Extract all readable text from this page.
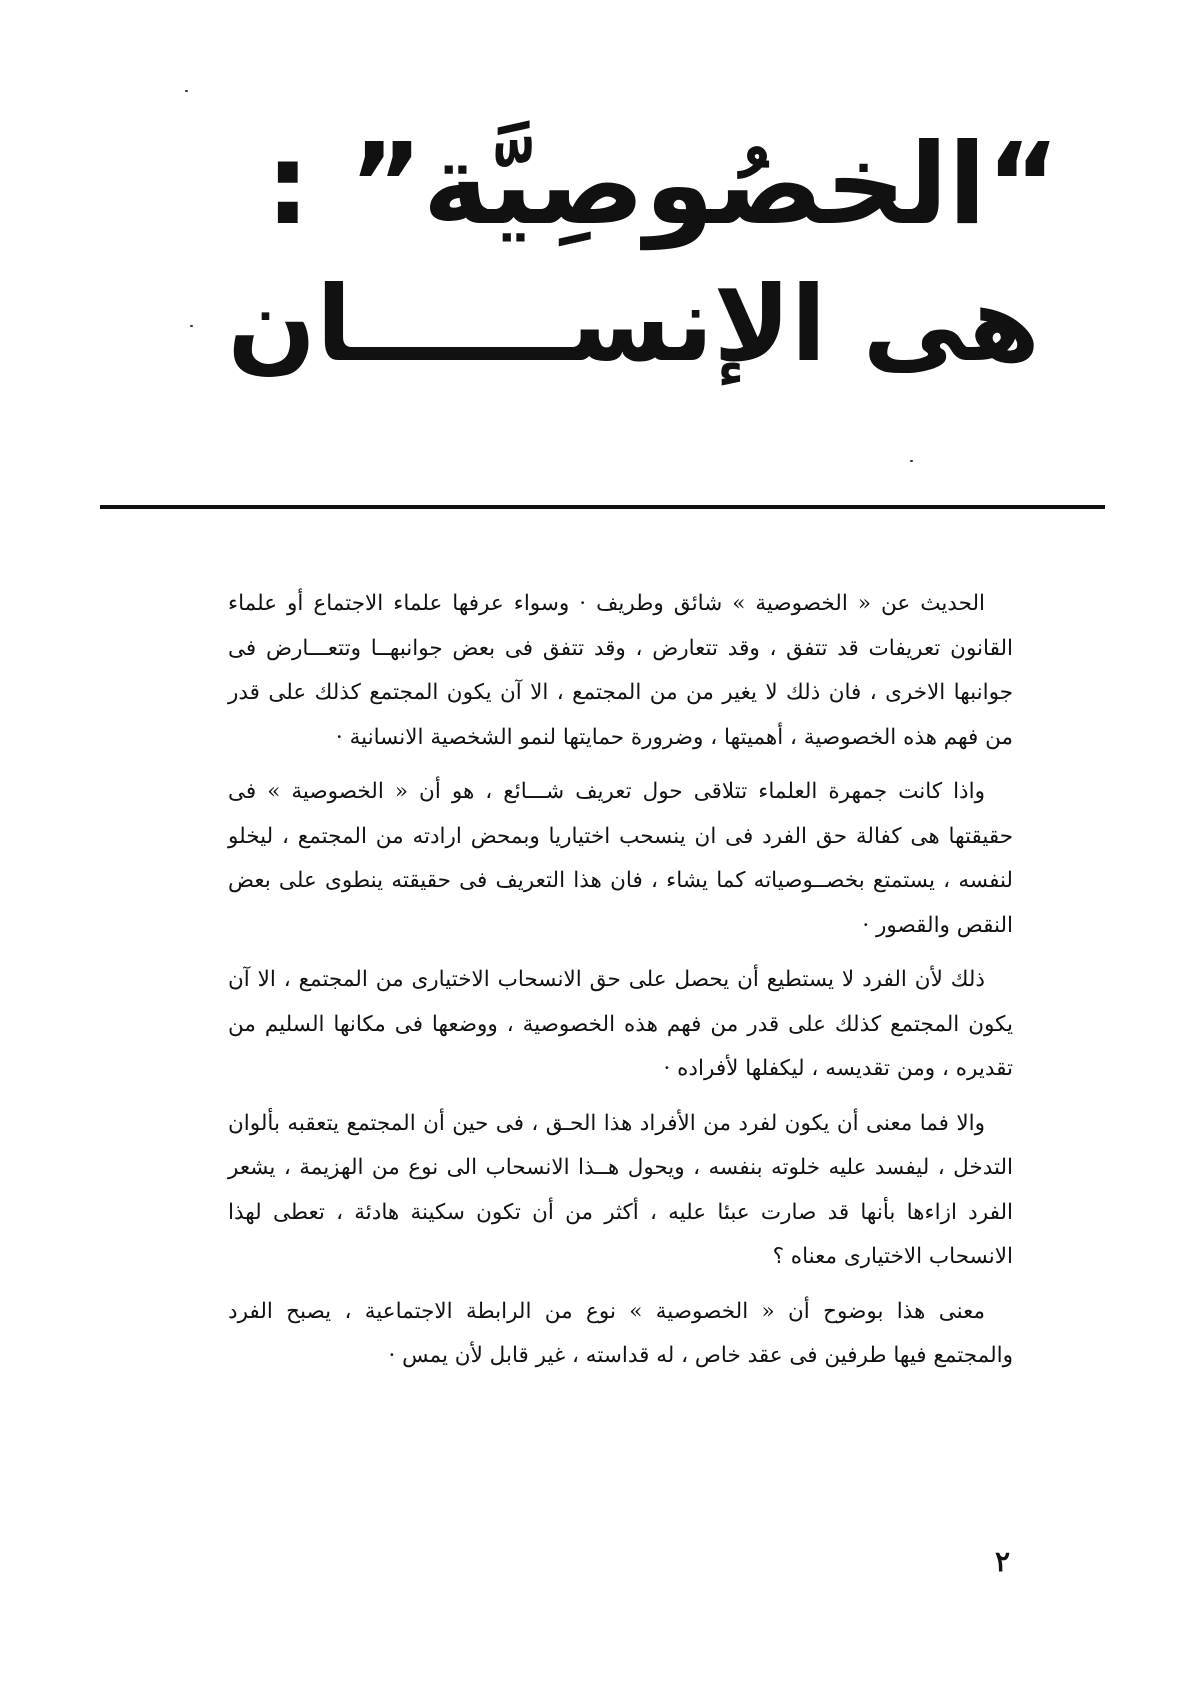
“الخصُوصِيَّة” :
هى الإنســــــان

الحديث عن « الخصوصية » شائق وطريف · وسواء عرفها علماء الاجتماع أو علماء القانون تعريفات قد تتفق ، وقد تتعارض ، وقد تتفق فى بعض جوانبهــا وتتعـــارض فى جوانبها الاخرى ، فان ذلك لا يغير من من المجتمع ، الا آن يكون المجتمع كذلك على قدر من فهم هذه الخصوصية ، أهميتها ، وضرورة حمايتها لنمو الشخصية الانسانية ·

واذا كانت جمهرة العلماء تتلاقى حول تعريف شـــائع ، هو أن « الخصوصية » فى حقيقتها هى كفالة حق الفرد فى ان ينسحب اختياريا وبمحض ارادته من المجتمع ، ليخلو لنفسه ، يستمتع بخصــوصياته كما يشاء ، فان هذا التعريف فى حقيقته ينطوى على بعض النقص والقصور ·

ذلك لأن الفرد لا يستطيع أن يحصل على حق الانسحاب الاختيارى من المجتمع ، الا آن يكون المجتمع كذلك على قدر من فهم هذه الخصوصية ، ووضعها فى مكانها السليم من تقديره ، ومن تقديسه ، ليكفلها لأفراده ·

والا فما معنى أن يكون لفرد من الأفراد هذا الحـق ، فى حين أن المجتمع يتعقبه بألوان التدخل ، ليفسد عليه خلوته بنفسه ، ويحول هــذا الانسحاب الى نوع من الهزيمة ، يشعر الفرد ازاءها بأنها قد صارت عبئا عليه ، أكثر من أن تكون سكينة هادئة ، تعطى لهذا الانسحاب الاختيارى معناه ؟

معنى هذا بوضوح أن « الخصوصية » نوع من الرابطة الاجتماعية ، يصبح الفرد والمجتمع فيها طرفين فى عقد خاص ، له قداسته ، غير قابل لأن يمس ·

٢
